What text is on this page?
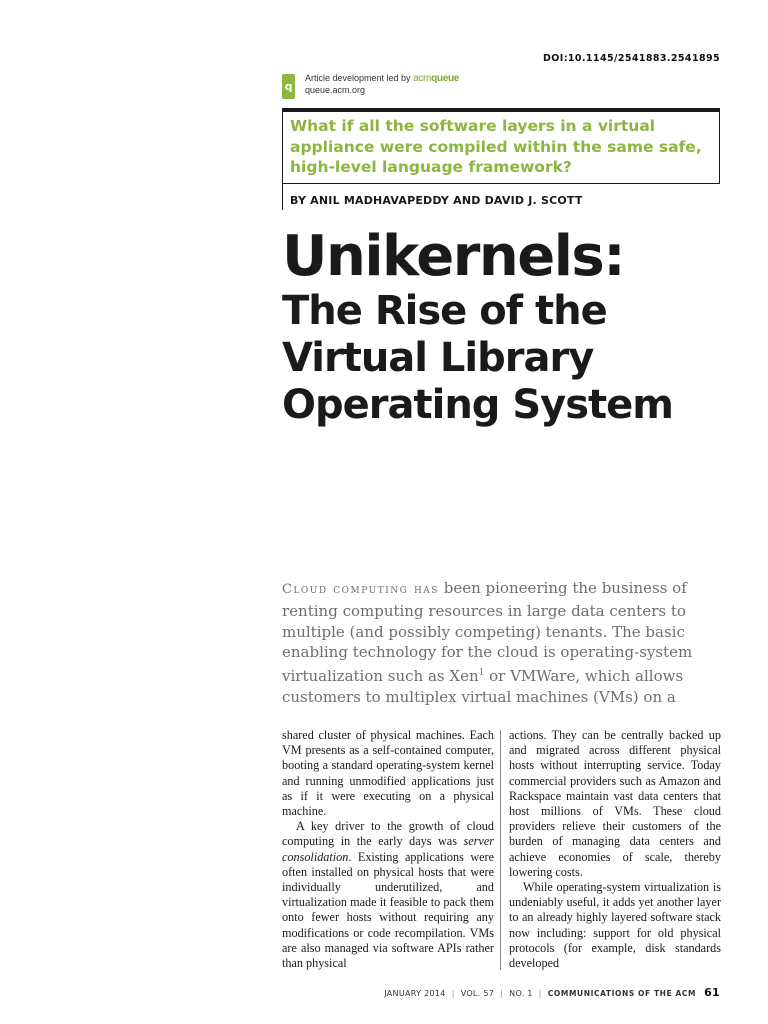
DOI:10.1145/2541883.2541895
q
Article development led by acmqueue
queue.acm.org
What if all the software layers in a virtual appliance were compiled within the same safe, high-level language framework?
BY ANIL MADHAVAPEDDY AND DAVID J. SCOTT
Unikernels:
The Rise of the
Virtual Library
Operating System
Cloud computing has been pioneering the business of renting computing resources in large data centers to multiple (and possibly competing) tenants. The basic enabling technology for the cloud is operating-system virtualization such as Xen$^1$ or VMWare, which allows customers to multiplex virtual machines (VMs) on a

shared cluster of physical machines. Each VM presents as a self-contained computer, booting a standard operating-system kernel and running unmodified applications just as if it were executing on a physical machine.

A key driver to the growth of cloud computing in the early days was server consolidation. Existing applications were often installed on physical hosts that were individually underutilized, and virtualization made it feasible to pack them onto fewer hosts without requiring any modifications or code recompilation. VMs are also managed via software APIs rather than physical

actions. They can be centrally backed up and migrated across different physical hosts without interrupting service. Today commercial providers such as Amazon and Rackspace maintain vast data centers that host millions of VMs. These cloud providers relieve their customers of the burden of managing data centers and achieve economies of scale, thereby lowering costs.

While operating-system virtualization is undeniably useful, it adds yet another layer to an already highly layered software stack now including: support for old physical protocols (for example, disk standards developed

JANUARY 2014 | VOL. 57 | NO. 1 | COMMUNICATIONS OF THE ACM 61
